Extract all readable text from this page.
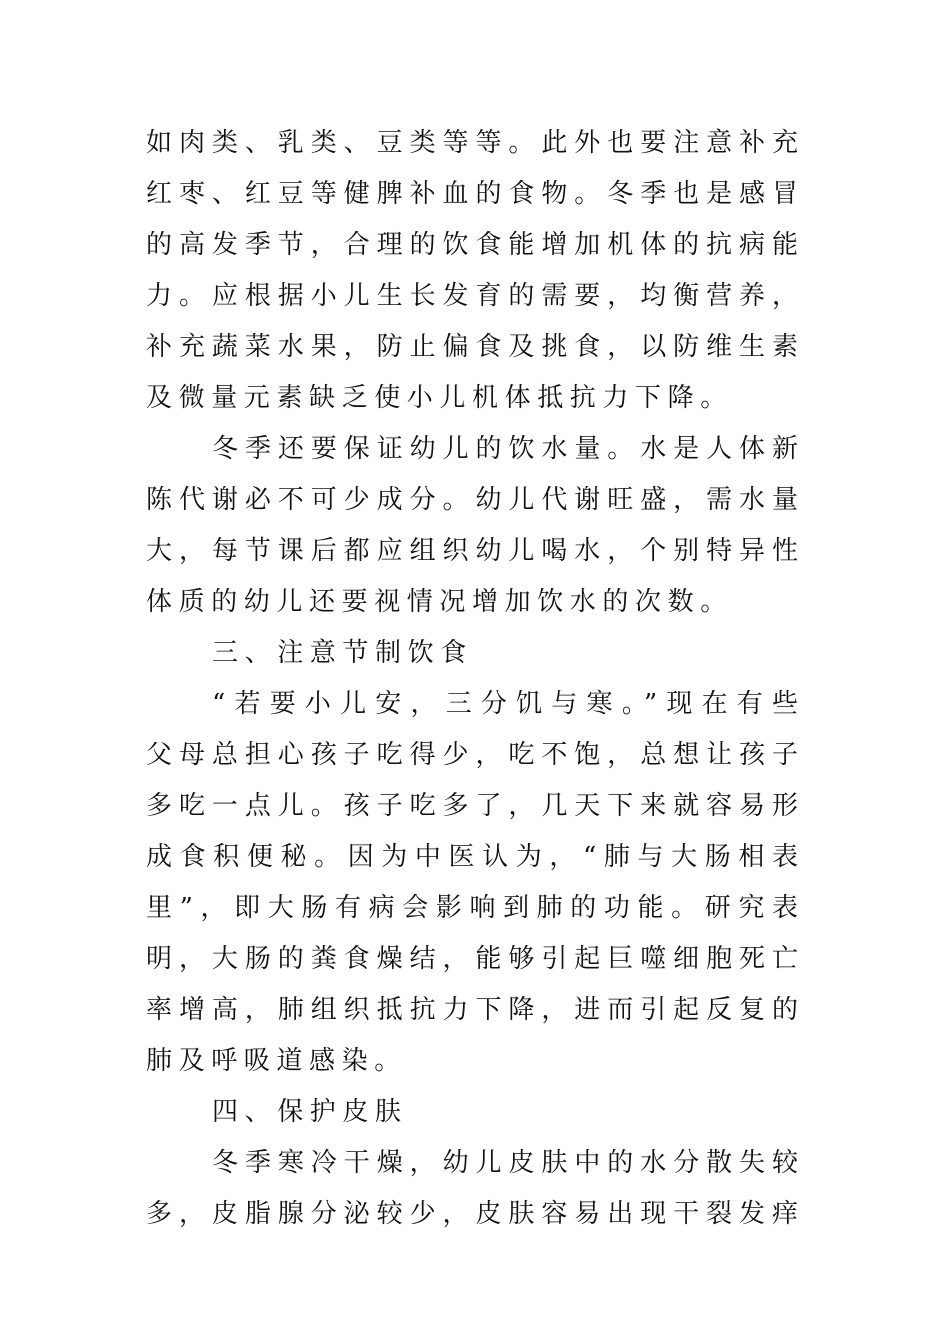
如肉类、乳类、豆类等等。此外也要注意补充
红枣、红豆等健脾补血的食物。冬季也是感冒
的高发季节，合理的饮食能增加机体的抗病能
力。应根据小儿生长发育的需要，均衡营养，
补充蔬菜水果，防止偏食及挑食，以防维生素
及微量元素缺乏使小儿机体抵抗力下降。
冬季还要保证幼儿的饮水量。水是人体新
陈代谢必不可少成分。幼儿代谢旺盛，需水量
大，每节课后都应组织幼儿喝水，个别特异性
体质的幼儿还要视情况增加饮水的次数。
三、注意节制饮食
“若要小儿安，三分饥与寒。”现在有些
父母总担心孩子吃得少，吃不饱，总想让孩子
多吃一点儿。孩子吃多了，几天下来就容易形
成食积便秘。因为中医认为，“肺与大肠相表
里”，即大肠有病会影响到肺的功能。研究表
明，大肠的粪食燥结，能够引起巨噬细胞死亡
率增高，肺组织抵抗力下降，进而引起反复的
肺及呼吸道感染。
四、保护皮肤
冬季寒冷干燥，幼儿皮肤中的水分散失较
多，皮脂腺分泌较少，皮肤容易出现干裂发痒
